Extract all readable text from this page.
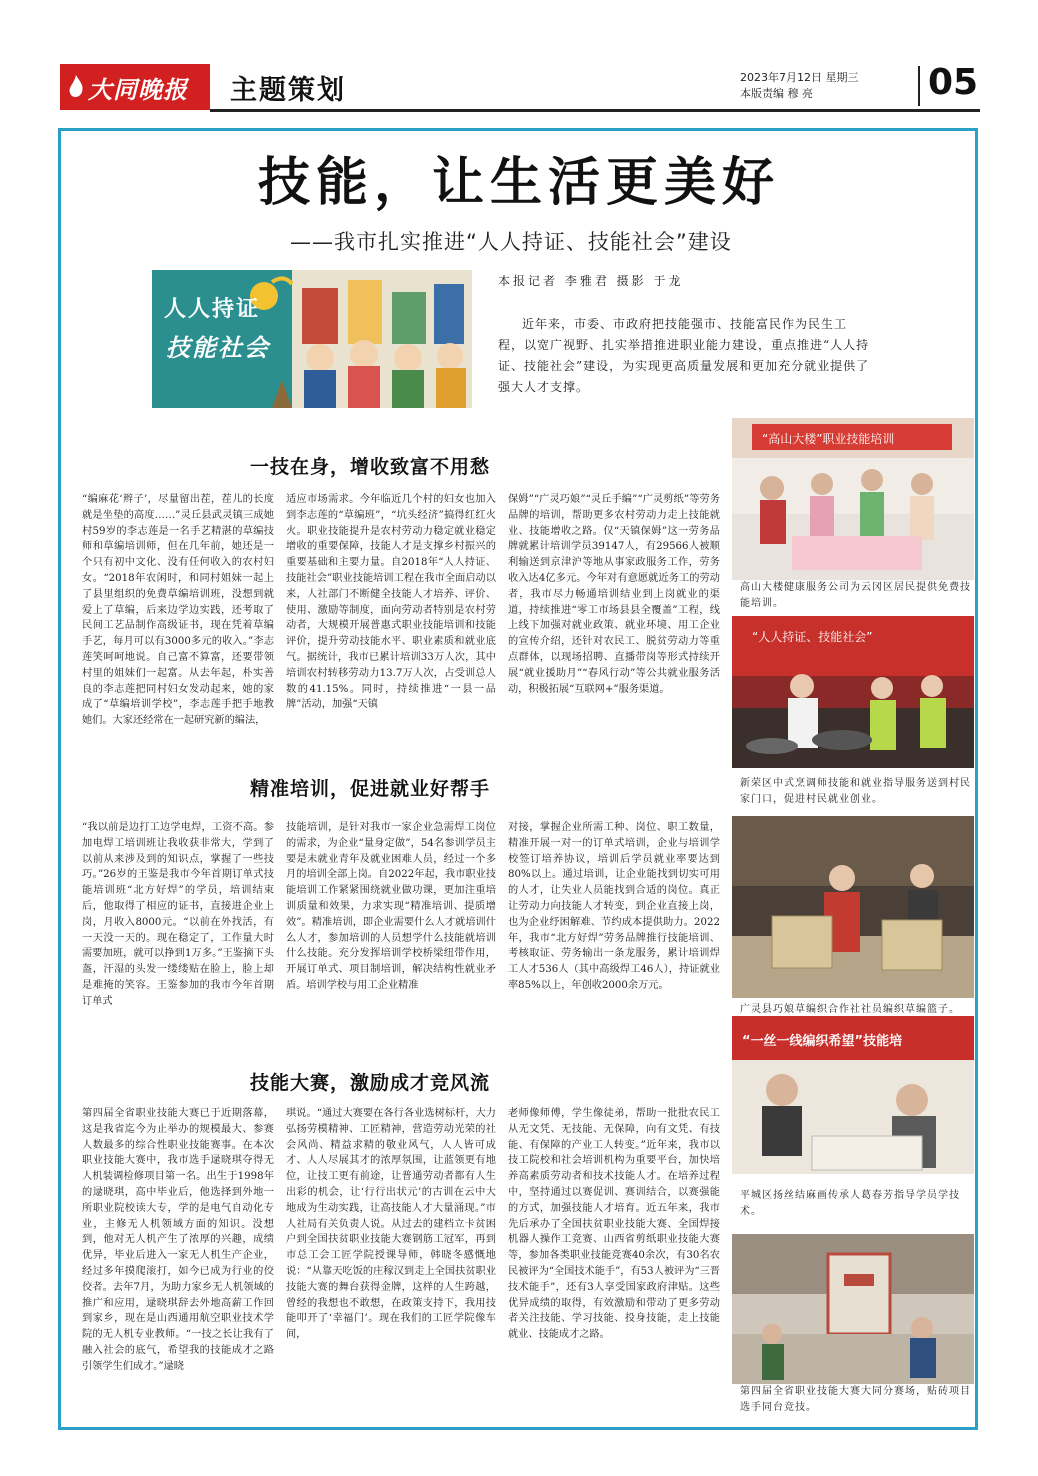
大同晚报 主题策划	2023年7月12日 星期三
本版责编 穆 亮	05
技能，让生活更美好
——我市扎实推进“人人持证、技能社会”建设
人人持证
技能社会
本报记者 李雅君 摄影 于龙
近年来，市委、市政府把技能强市、技能富民作为民生工程，以宽广视野、扎实举措推进职业能力建设，重点推进“人人持证、技能社会”建设，为实现更高质量发展和更加充分就业提供了强大人才支撑。
一技在身，增收致富不用愁
“编麻花‘辫子’，尽量留出茬，茬儿的长度就是坐垫的高度……”灵丘县武灵镇三成她村59岁的李志莲是一名手艺精湛的草编技师和草编培训师，但在几年前，她还是一个只有初中文化、没有任何收入的农村妇女。“2018年农闲时，和同村姐妹一起上了县里组织的免费草编培训班，没想到就爱上了草编，后来边学边实践，还考取了民间工艺品制作高级证书，现在凭着草编手艺，每月可以有3000多元的收入。”李志莲笑呵呵地说。自己富不算富，还要带领村里的姐妹们一起富。从去年起，朴实善良的李志莲把同村妇女发动起来，她的家成了“草编培训学校”，李志莲手把手地教她们。大家还经常在一起研究新的编法，
适应市场需求。今年临近几个村的妇女也加入到李志莲的“草编班”，“坑头经济”搞得红红火火。职业技能提升是农村劳动力稳定就业稳定增收的重要保障，技能人才是支撑乡村振兴的重要基础和主要力量。自2018年“人人持证、技能社会”职业技能培训工程在我市全面启动以来，人社部门不断健全技能人才培养、评价、使用、激励等制度，面向劳动者特别是农村劳动者，大规模开展普惠式职业技能培训和技能评价，提升劳动技能水平、职业素质和就业底气。据统计，我市已累计培训33万人次，其中培训农村转移劳动力13.7万人次，占受训总人数的41.15%。同时，持续推进“一县一品牌”活动，加强“天镇
保姆”“广灵巧娘”“灵丘手编”“广灵剪纸”等劳务品牌的培训，帮助更多农村劳动力走上技能就业、技能增收之路。仅“天镇保姆”这一劳务品牌就累计培训学员39147人，有29566人被顺利输送到京津沪等地从事家政服务工作，劳务收入达4亿多元。今年对有意愿就近务工的劳动者，我市尽力畅通培训结业到上岗就业的渠道，持续推进“零工市场县县全覆盖”工程，线上线下加强对就业政策、就业环境、用工企业的宣传介绍，还针对农民工、脱贫劳动力等重点群体，以现场招聘、直播带岗等形式持续开展“就业援助月”“春风行动”等公共就业服务活动，积极拓展“互联网+”服务渠道。
精准培训，促进就业好帮手
“我以前是边打工边学电焊，工资不高。参加电焊工培训班让我收获非常大，学到了以前从来涉及到的知识点，掌握了一些技巧。”26岁的王鉴是我市今年首期订单式技能培训班“北方好焊”的学员，培训结束后，他取得了相应的证书，直接进企业上岗，月收入8000元。“以前在外找活，有一天没一天的。现在稳定了，工作量大时需要加班，就可以挣到1万多。”王鉴摘下头盔，汗湿的头发一缕缕贴在脸上，脸上却是难掩的笑容。王鉴参加的我市今年首期订单式
技能培训，是针对我市一家企业急需焊工岗位的需求，为企业“量身定做”，54名参训学员主要是未就业青年及就业困难人员，经过一个多月的培训全部上岗。自2022年起，我市职业技能培训工作紧紧围绕就业做功课，更加注重培训质量和效果，力求实现“精准培训、提质增效”。精准培训，即企业需要什么人才就培训什么人才，参加培训的人员想学什么技能就培训什么技能。充分发挥培训学校桥梁纽带作用，开展订单式、项目制培训，解决结构性就业矛盾。培训学校与用工企业精准
对接，掌握企业所需工种、岗位、职工数量，精准开展一对一的订单式培训，企业与培训学校签订培养协议，培训后学员就业率要达到80%以上。通过培训，让企业能找到切实可用的人才，让失业人员能找到合适的岗位。真正让劳动力向技能人才转变，到企业直接上岗，也为企业纾困解难、节约成本提供助力。2022年，我市“北方好焊”劳务品牌推行技能培训、考核取证、劳务输出一条龙服务，累计培训焊工人才536人（其中高级焊工46人），持证就业率85%以上，年创收2000余万元。
技能大赛，激励成才竞风流
第四届全省职业技能大赛已于近期落幕，这是我省迄今为止举办的规模最大、参赛人数最多的综合性职业技能赛事。在本次职业技能大赛中，我市选手逯晓琪夺得无人机装调检修项目第一名。出生于1998年的逯晓琪，高中毕业后，他选择到外地一所职业院校读大专，学的是电气自动化专业，主修无人机领域方面的知识。没想到，他对无人机产生了浓厚的兴趣，成绩优异，毕业后进入一家无人机生产企业，经过多年摸爬滚打，如今已成为行业的佼佼者。去年7月，为助力家乡无人机领域的推广和应用，逯晓琪辞去外地高薪工作回到家乡，现在是山西通用航空职业技术学院的无人机专业教师。“一技之长让我有了融入社会的底气，希望我的技能成才之路引领学生们成才。”逯晓
琪说。“通过大赛要在各行各业选树标杆，大力弘扬劳模精神、工匠精神，营造劳动光荣的社会风尚、精益求精的敬业风气，人人皆可成才、人人尽展其才的浓厚氛围，让蓝领更有地位，让技工更有前途，让普通劳动者都有人生出彩的机会，让‘行行出状元’的古训在云中大地成为生动实践，让高技能人才大量涌现。”市人社局有关负责人说。从过去的建档立卡贫困户到全国扶贫职业技能大赛钢筋工冠军，再到市总工会工匠学院授课导师，韩晓冬感慨地说：“从靠天吃饭的庄稼汉到走上全国扶贫职业技能大赛的舞台获得金牌，这样的人生跨越，曾经的我想也不敢想，在政策支持下，我用技能叩开了‘幸福门’。现在我们的工匠学院像车间，
老师像师傅，学生像徒弟，帮助一批批农民工从无文凭、无技能、无保障，向有文凭、有技能、有保障的产业工人转变。”近年来，我市以技工院校和社会培训机构为重要平台，加快培养高素质劳动者和技术技能人才。在培养过程中，坚持通过以赛促训、赛训结合，以赛强能的方式，加强技能人才培育。近五年来，我市先后承办了全国扶贫职业技能大赛、全国焊接机器人操作工竞赛、山西省剪纸职业技能大赛等，参加各类职业技能竞赛40余次，有30名农民被评为“全国技术能手”，有53人被评为“三晋技术能手”，还有3人享受国家政府津贴。这些优异成绩的取得，有效激励和带动了更多劳动者关注技能、学习技能、投身技能，走上技能就业、技能成才之路。
“高山大楼”职业技能培训
高山大楼健康服务公司为云冈区居民提供免费技能培训。
“人人持证、技能社会”
新荣区中式烹调师技能和就业指导服务送到村民家门口，促进村民就业创业。
广灵县巧娘草编织合作社社员编织草编篮子。
“一丝一线编织希望”技能培
平城区扬丝结麻画传承人葛春芳指导学员学技术。
第四届全省职业技能大赛大同分赛场，贴砖项目选手同台竞技。
